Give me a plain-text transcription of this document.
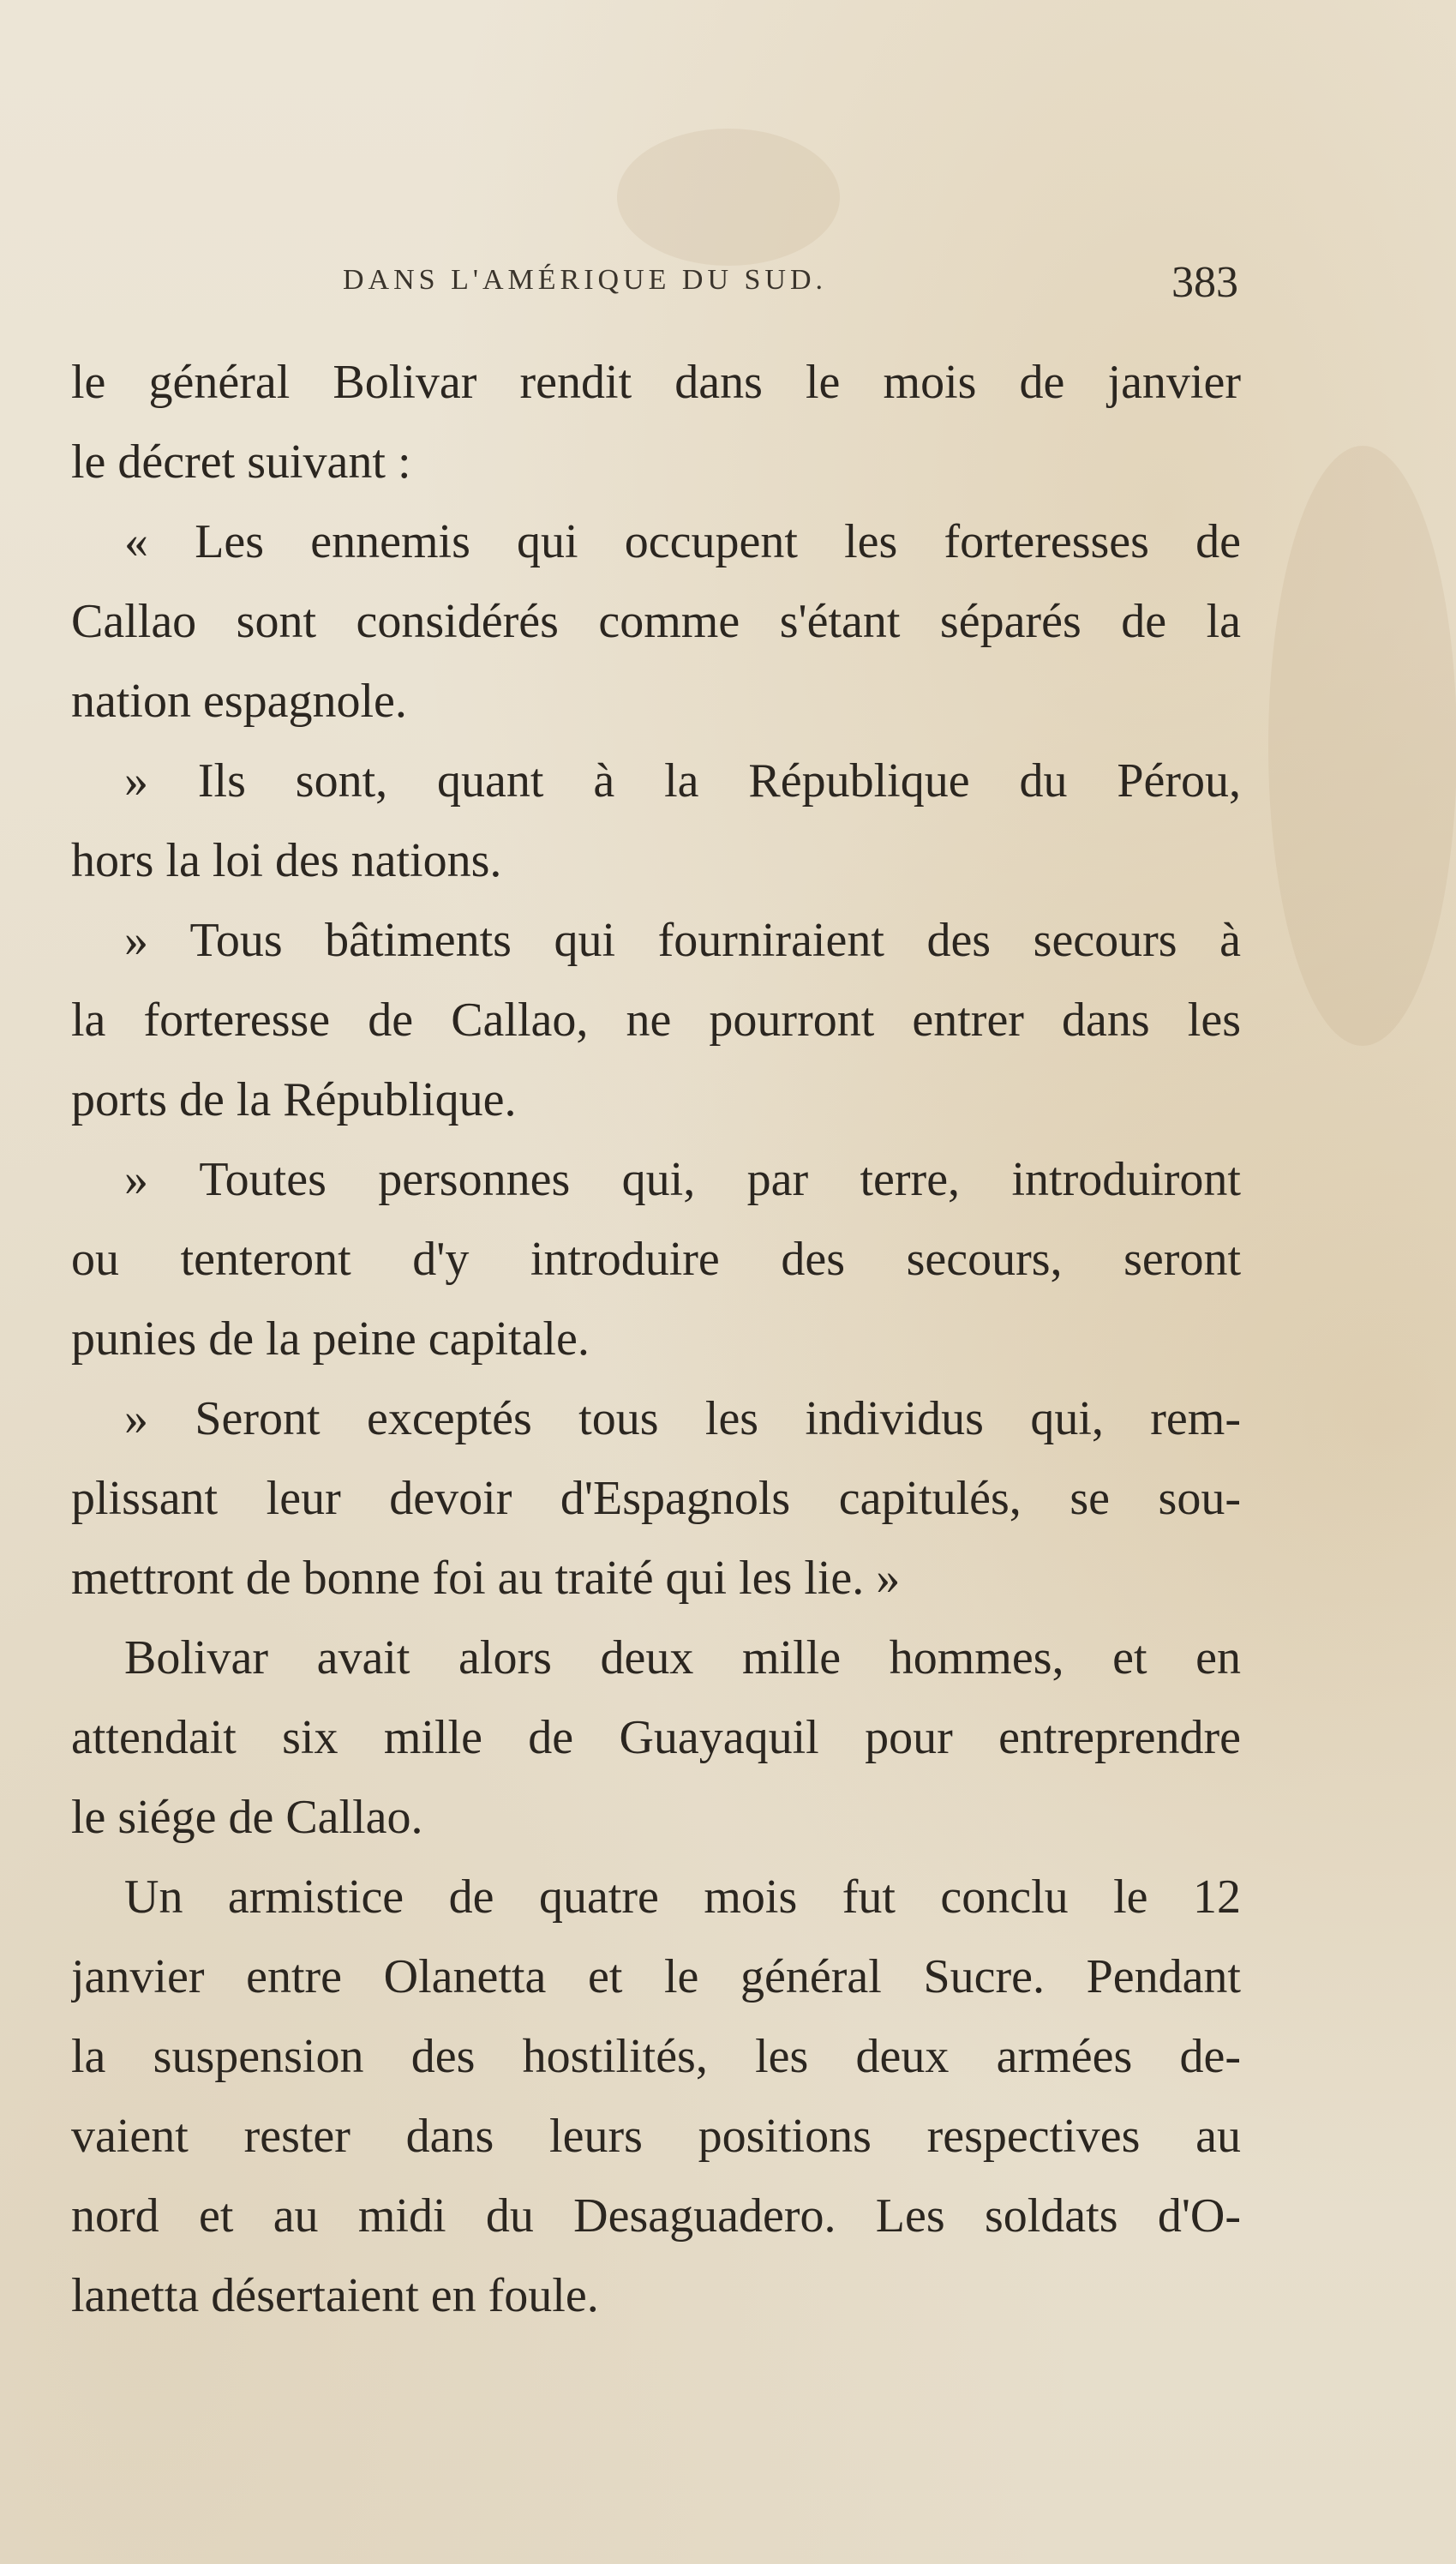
DANS L'AMÉRIQUE DU SUD.	383
le général Bolivar rendit dans le mois de janvier
le décret suivant :
« Les ennemis qui occupent les forteresses de
Callao sont considérés comme s'étant séparés de la
nation espagnole.
» Ils sont, quant à la République du Pérou,
hors la loi des nations.
» Tous bâtiments qui fourniraient des secours à
la forteresse de Callao, ne pourront entrer dans les
ports de la République.
» Toutes personnes qui, par terre, introduiront
ou tenteront d'y introduire des secours, seront
punies de la peine capitale.
» Seront exceptés tous les individus qui, rem-
plissant leur devoir d'Espagnols capitulés, se sou-
mettront de bonne foi au traité qui les lie. »
Bolivar avait alors deux mille hommes, et en
attendait six mille de Guayaquil pour entreprendre
le siége de Callao.
Un armistice de quatre mois fut conclu le 12
janvier entre Olanetta et le général Sucre. Pendant
la suspension des hostilités, les deux armées de-
vaient rester dans leurs positions respectives au
nord et au midi du Desaguadero. Les soldats d'O-
lanetta désertaient en foule.
